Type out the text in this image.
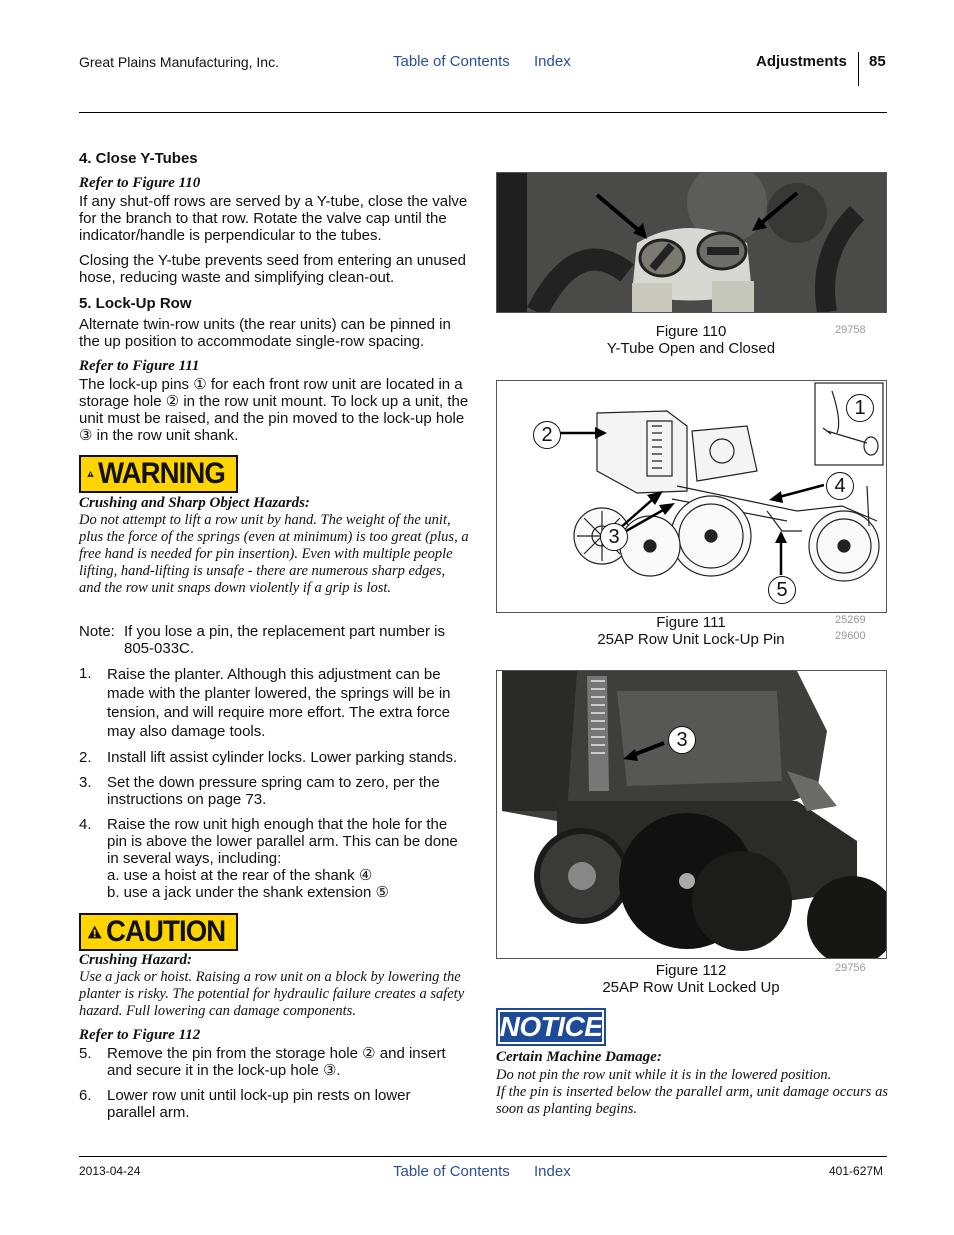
Great Plains Manufacturing, Inc.	Table of Contents Index	Adjustments 85
4. Close Y-Tubes
Refer to Figure 110
If any shut-off rows are served by a Y-tube, close the valve for the branch to that row. Rotate the valve cap until the indicator/handle is perpendicular to the tubes.
Closing the Y-tube prevents seed from entering an unused hose, reducing waste and simplifying clean-out.
5. Lock-Up Row
Alternate twin-row units (the rear units) can be pinned in the up position to accommodate single-row spacing.
Refer to Figure 111
The lock-up pins ① for each front row unit are located in a storage hole ② in the row unit mount. To lock up a unit, the unit must be raised, and the pin moved to the lock-up hole ③ in the row unit shank.
WARNING
Crushing and Sharp Object Hazards:
Do not attempt to lift a row unit by hand. The weight of the unit, plus the force of the springs (even at minimum) is too great (plus, a free hand is needed for pin insertion). Even with multiple people lifting, hand-lifting is unsafe - there are numerous sharp edges, and the row unit snaps down violently if a grip is lost.
Note: If you lose a pin, the replacement part number is 805-033C.
1. Raise the planter. Although this adjustment can be made with the planter lowered, the springs will be in tension, and will require more effort. The extra force may also damage tools.
2. Install lift assist cylinder locks. Lower parking stands.
3. Set the down pressure spring cam to zero, per the instructions on page 73.
4. Raise the row unit high enough that the hole for the pin is above the lower parallel arm. This can be done in several ways, including:
a. use a hoist at the rear of the shank ④
b. use a jack under the shank extension ⑤
CAUTION
Crushing Hazard:
Use a jack or hoist. Raising a row unit on a block by lowering the planter is risky. The potential for hydraulic failure creates a safety hazard. Full lowering can damage components.
Refer to Figure 112
5. Remove the pin from the storage hole ② and insert and secure it in the lock-up hole ③.
6. Lower row unit until lock-up pin rests on lower parallel arm.
Figure 110
Y-Tube Open and Closed
29758
1
2
3
4
5
Figure 111
25AP Row Unit Lock-Up Pin
25269
29600
3
Figure 112
25AP Row Unit Locked Up
29756
NOTICE
Certain Machine Damage:
Do not pin the row unit while it is in the lowered position.
If the pin is inserted below the parallel arm, unit damage occurs as soon as planting begins.
2013-04-24	Table of Contents Index	401-627M
